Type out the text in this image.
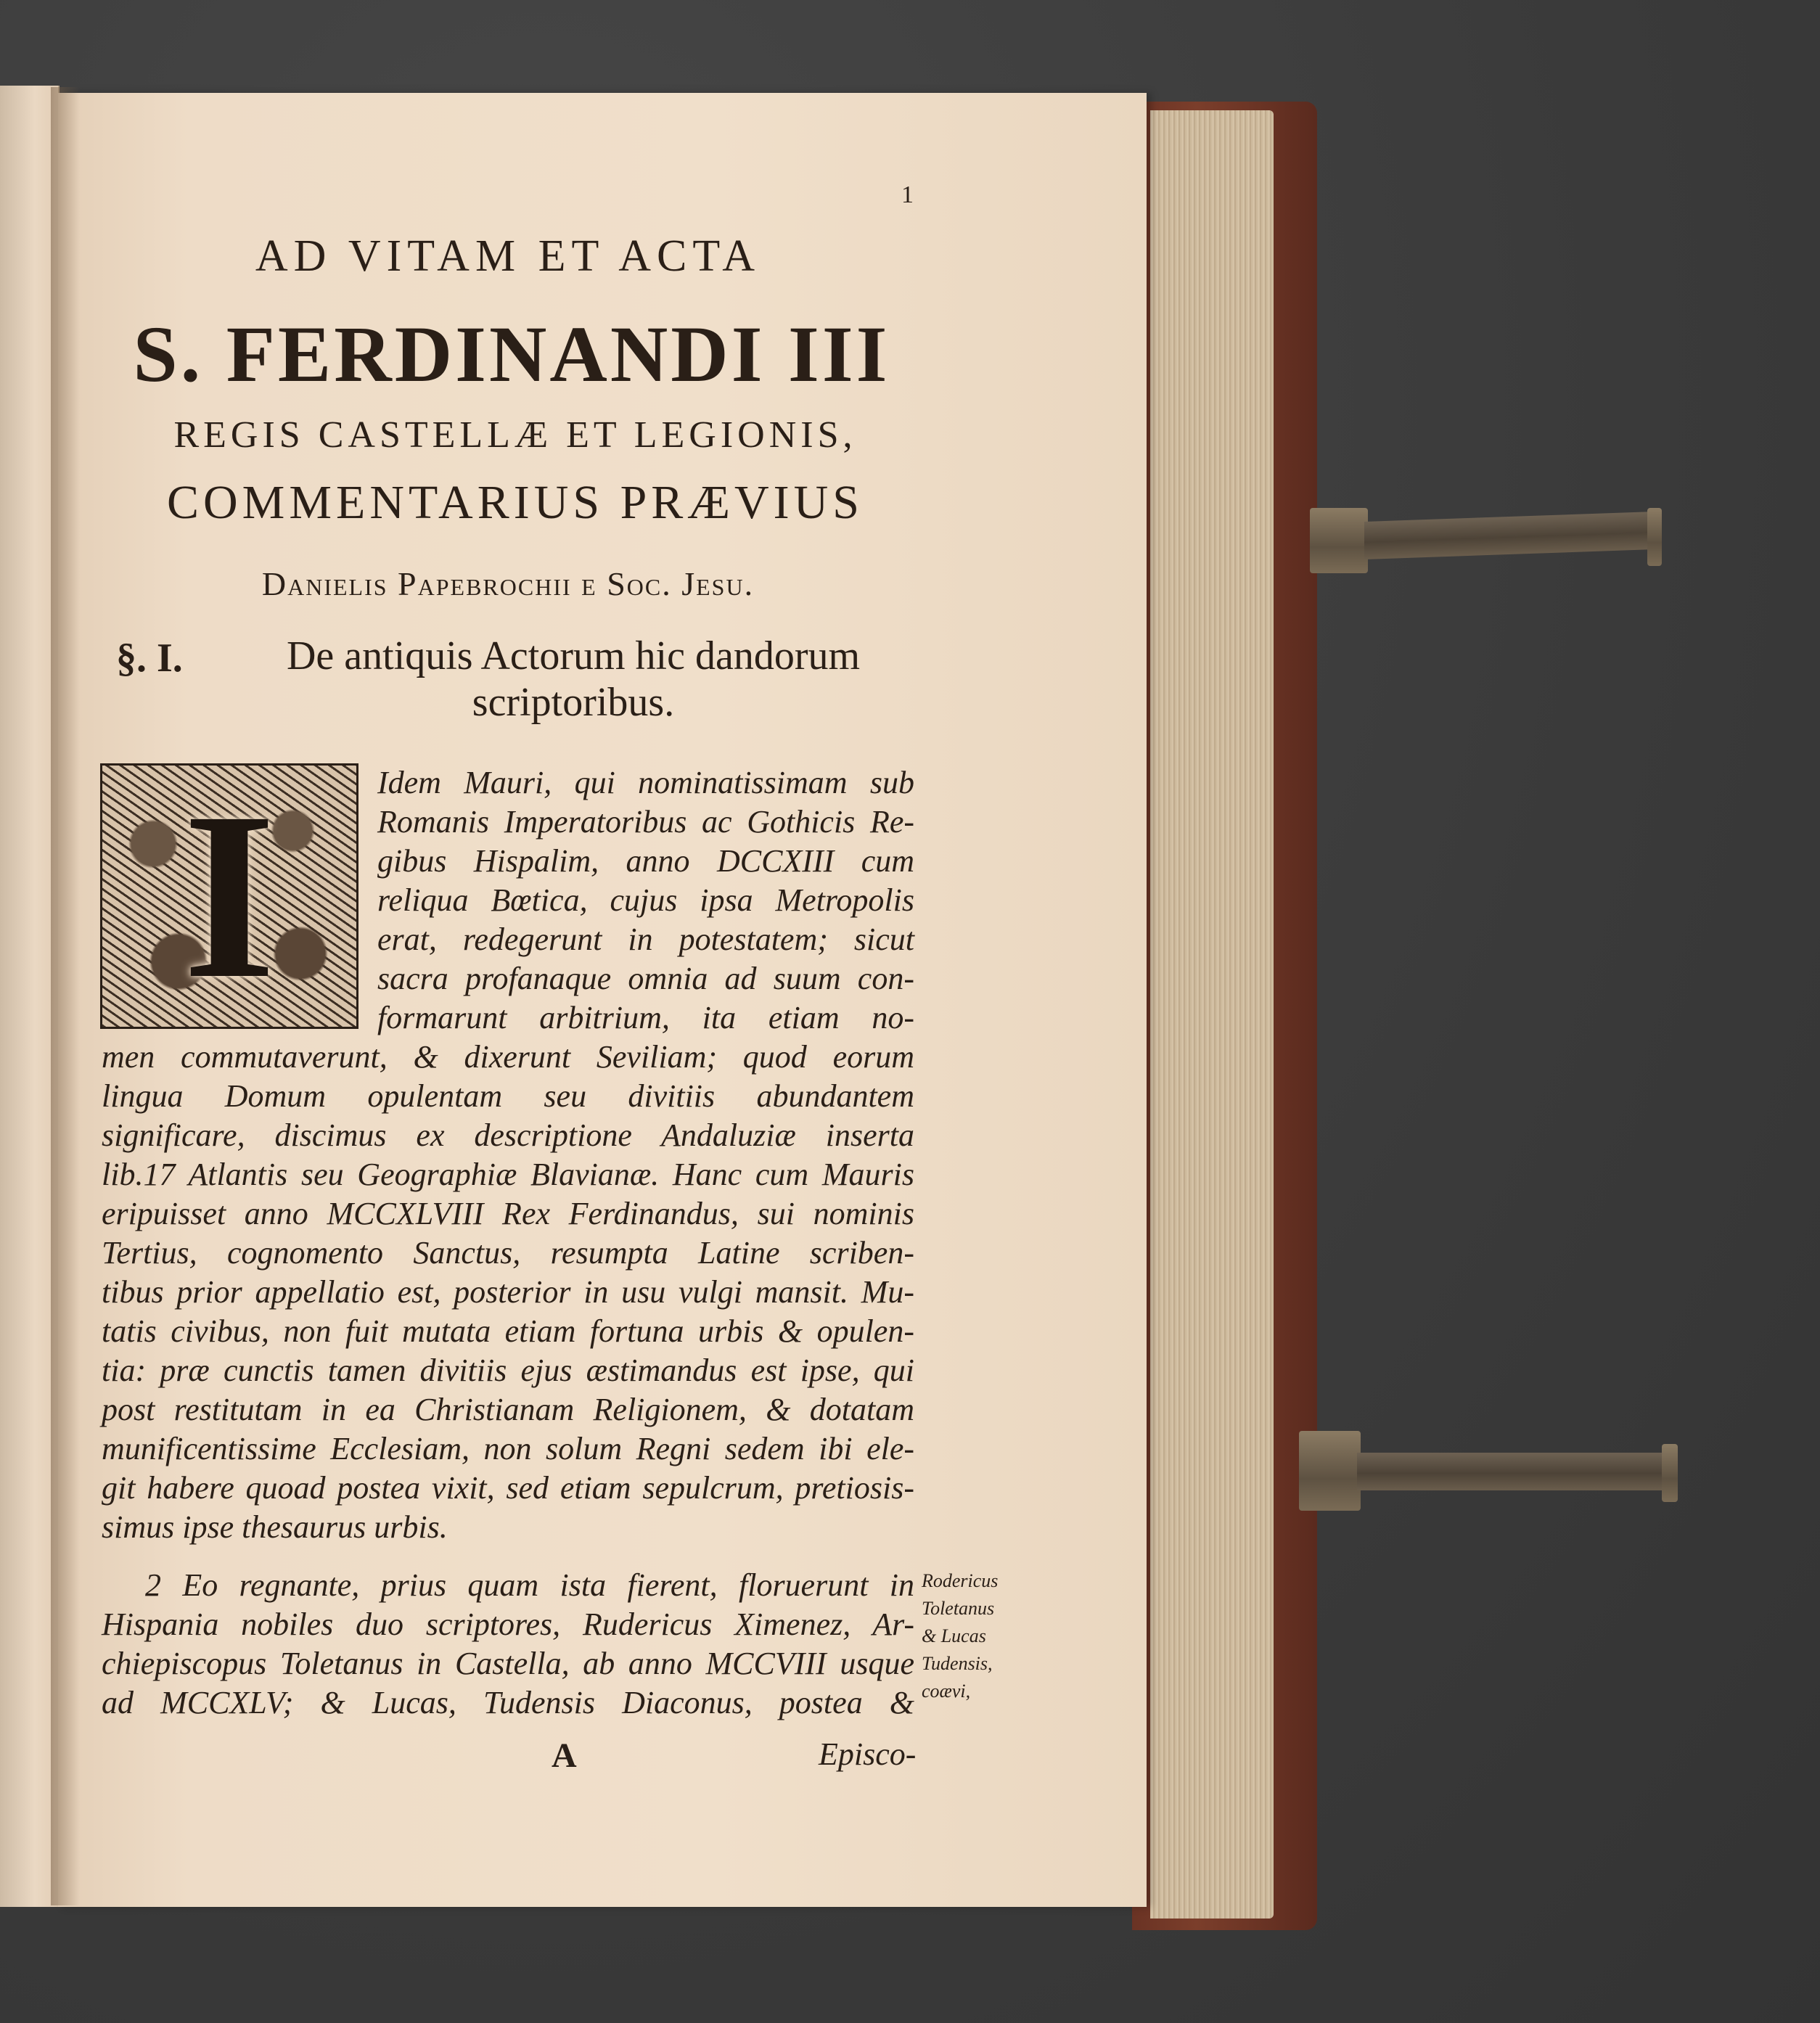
1
AD VITAM ET ACTA
S. FERDINANDI III
REGIS CASTELLÆ ET LEGIONIS,
COMMENTARIUS PRÆVIUS
Danielis Papebrochii e Soc. Jesu.
§. I.	De antiquis Actorum hic dandorum scriptoribus.
I	Idem Mauri, qui nominatissimam sub
Romanis Imperatoribus ac Gothicis Re-
gibus Hispalim, anno DCCXIII cum
reliqua Bœtica, cujus ipsa Metropolis
erat, redegerunt in potestatem; sicut
sacra profanaque omnia ad suum con-
formarunt arbitrium, ita etiam no-
men commutaverunt, & dixerunt Seviliam; quod eorum
lingua Domum opulentam seu divitiis abundantem
significare, discimus ex descriptione Andaluziæ inserta
lib.17 Atlantis seu Geographiæ Blavianæ. Hanc cum Mauris
eripuisset anno MCCXLVIII Rex Ferdinandus, sui nominis
Tertius, cognomento Sanctus, resumpta Latine scriben-
tibus prior appellatio est, posterior in usu vulgi mansit. Mu-
tatis civibus, non fuit mutata etiam fortuna urbis & opulen-
tia: præ cunctis tamen divitiis ejus æstimandus est ipse, qui
post restitutam in ea Christianam Religionem, & dotatam
munificentissime Ecclesiam, non solum Regni sedem ibi ele-
git habere quoad postea vixit, sed etiam sepulcrum, pretiosis-
simus ipse thesaurus urbis.
2 Eo regnante, prius quam ista fierent, floruerunt in
Hispania nobiles duo scriptores, Rudericus Ximenez, Ar-
chiepiscopus Toletanus in Castella, ab anno MCCVIII usque
ad MCCXLV; & Lucas, Tudensis Diaconus, postea &
Rodericus
Toletanus
& Lucas
Tudensis,
coævi,
A	Episco-
